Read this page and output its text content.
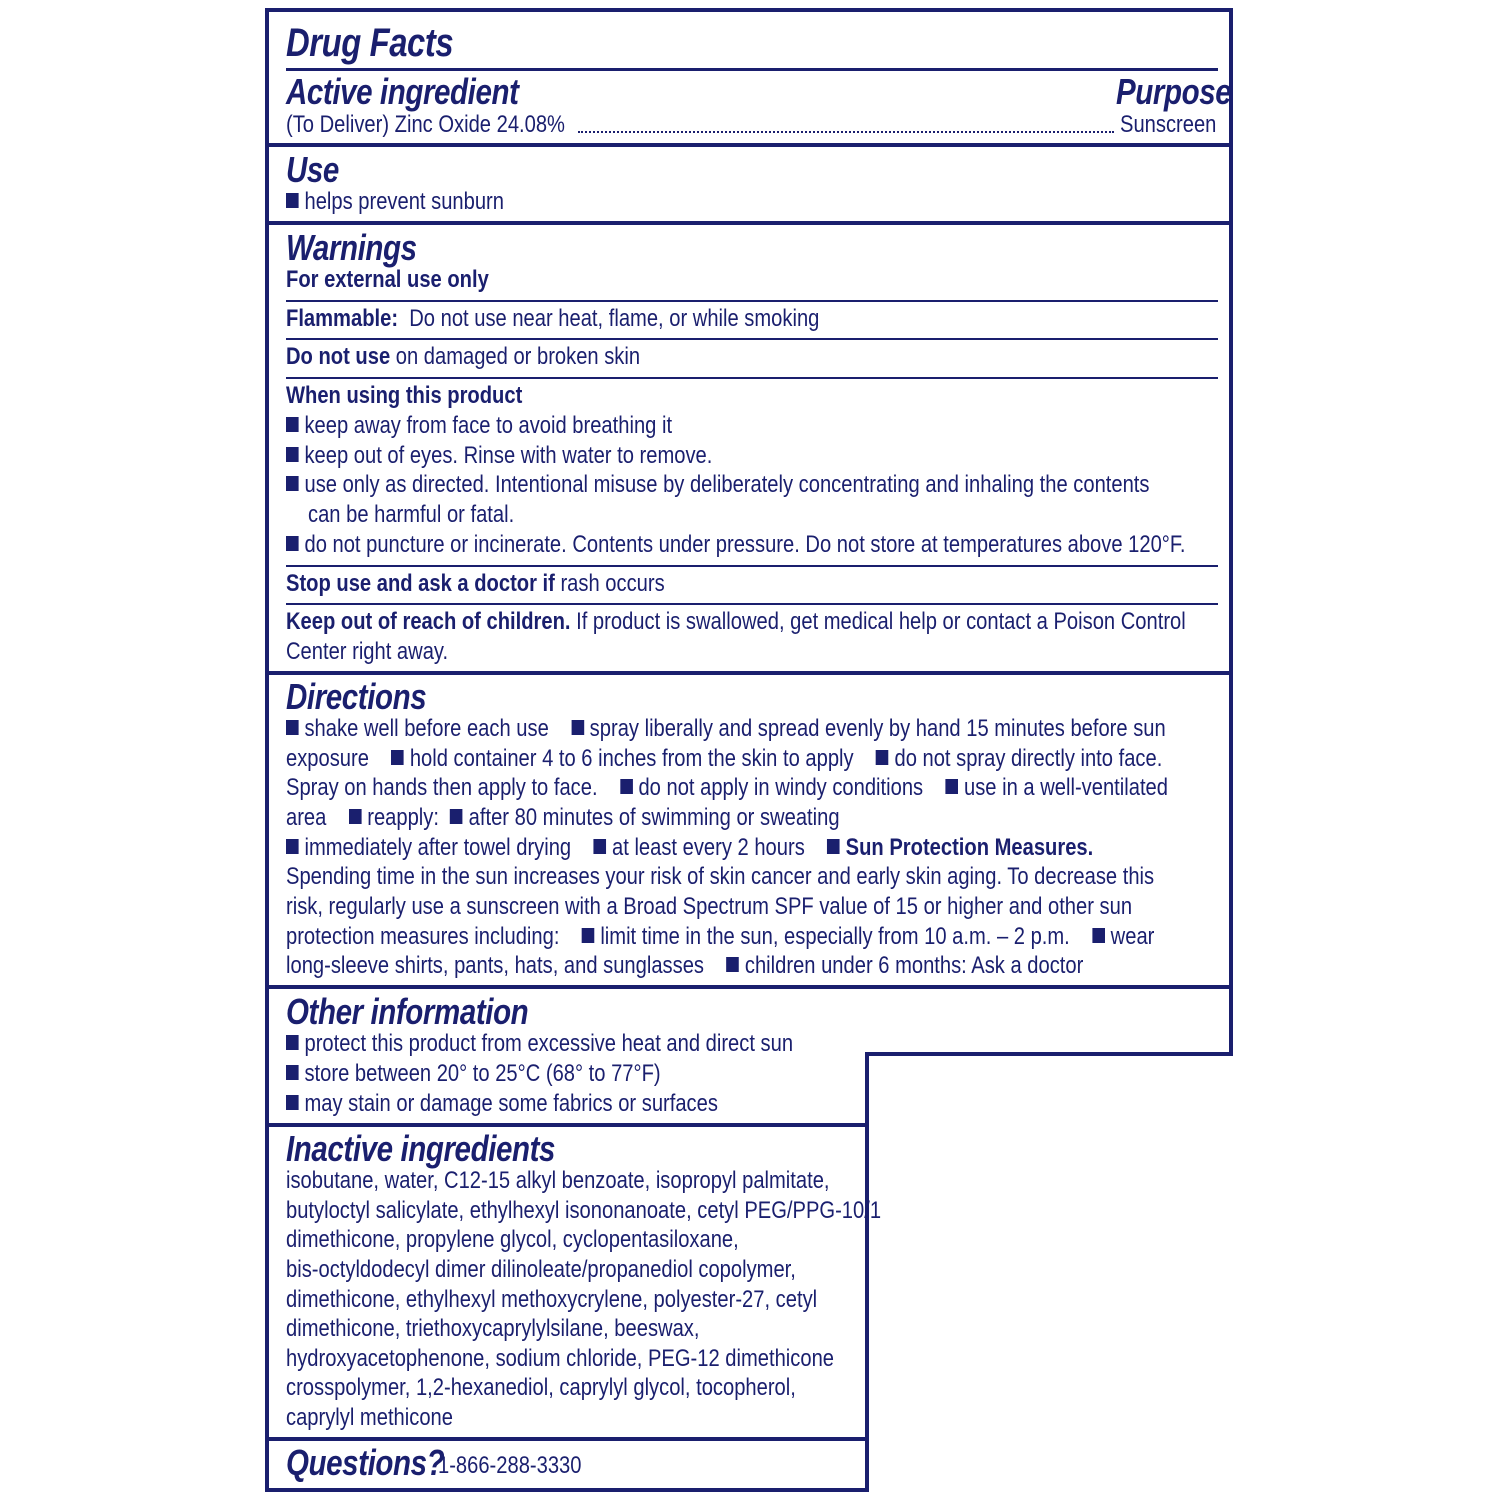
Drug Facts
Active ingredient	Purpose
(To Deliver) Zinc Oxide 24.08%	Sunscreen
Use
helps prevent sunburn
Warnings
For external use only
Flammable: Do not use near heat, flame, or while smoking
Do not use on damaged or broken skin
When using this product
keep away from face to avoid breathing it
keep out of eyes. Rinse with water to remove.
use only as directed. Intentional misuse by deliberately concentrating and inhaling the contents
can be harmful or fatal.
do not puncture or incinerate. Contents under pressure. Do not store at temperatures above 120°F.
Stop use and ask a doctor if rash occurs
Keep out of reach of children. If product is swallowed, get medical help or contact a Poison Control
Center right away.
Directions
shake well before each use spray liberally and spread evenly by hand 15 minutes before sun
exposure hold container 4 to 6 inches from the skin to apply do not spray directly into face.
Spray on hands then apply to face. do not apply in windy conditions use in a well-ventilated
area reapply: after 80 minutes of swimming or sweating
immediately after towel drying at least every 2 hours Sun Protection Measures.
Spending time in the sun increases your risk of skin cancer and early skin aging. To decrease this
risk, regularly use a sunscreen with a Broad Spectrum SPF value of 15 or higher and other sun
protection measures including: limit time in the sun, especially from 10 a.m. – 2 p.m. wear
long-sleeve shirts, pants, hats, and sunglasses children under 6 months: Ask a doctor
Other information
protect this product from excessive heat and direct sun
store between 20° to 25°C (68° to 77°F)
may stain or damage some fabrics or surfaces
Inactive ingredients
isobutane, water, C12-15 alkyl benzoate, isopropyl palmitate,
butyloctyl salicylate, ethylhexyl isononanoate, cetyl PEG/PPG-10/1
dimethicone, propylene glycol, cyclopentasiloxane,
bis-octyldodecyl dimer dilinoleate/propanediol copolymer,
dimethicone, ethylhexyl methoxycrylene, polyester-27, cetyl
dimethicone, triethoxycaprylylsilane, beeswax,
hydroxyacetophenone, sodium chloride, PEG-12 dimethicone
crosspolymer, 1,2-hexanediol, caprylyl glycol, tocopherol,
caprylyl methicone
Questions?
1-866-288-3330
